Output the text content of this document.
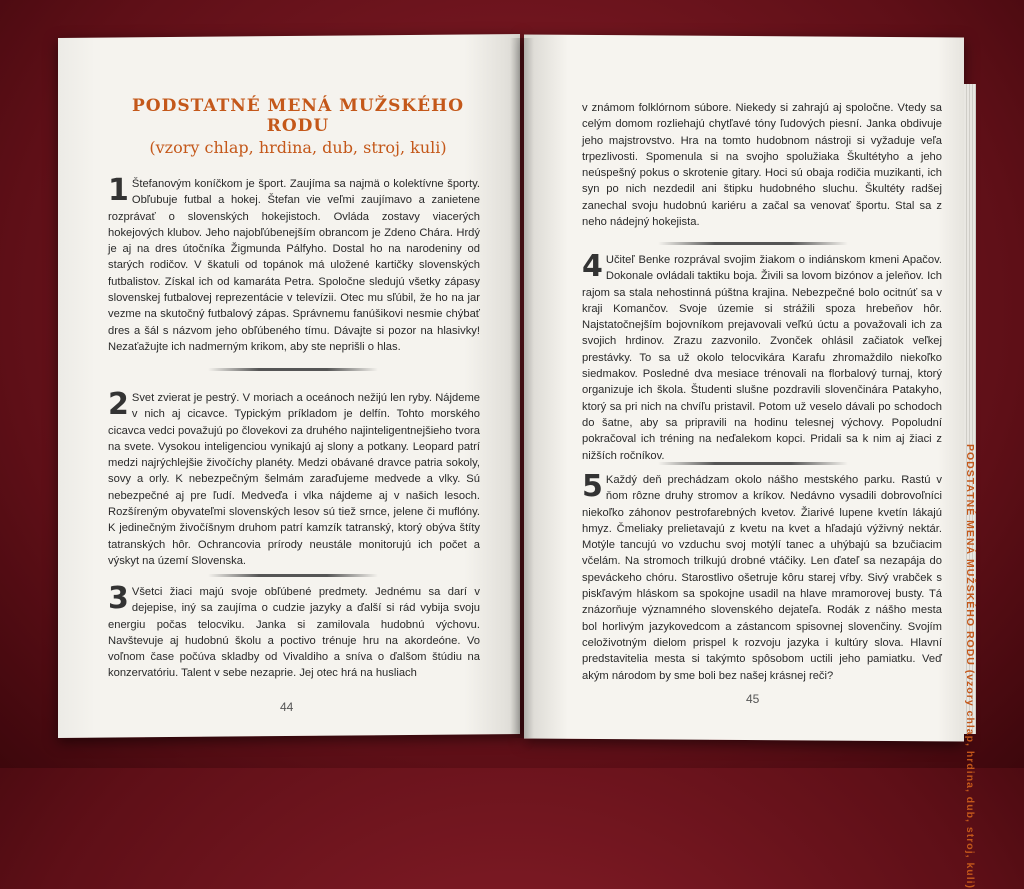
PODSTATNÉ MENÁ MUŽSKÉHO RODU
(vzory chlap, hrdina, dub, stroj, kuli)
1 Štefanovým koníčkom je šport. Zaujíma sa najmä o kolektívne športy. Obľubuje futbal a hokej. Štefan vie veľmi zaujímavo a zanietene rozprávať o slovenských hokejistoch. Ovláda zostavy viacerých hokejových klubov. Jeho najobľúbenejším obrancom je Zdeno Chára. Hrdý je aj na dres útočníka Žigmunda Pálfyho. Dostal ho na narodeniny od starých rodičov. V škatuli od topánok má uložené kartičky slovenských futbalistov. Získal ich od kamaráta Petra. Spoločne sledujú všetky zápasy slovenskej futbalovej reprezentácie v televízii. Otec mu sľúbil, že ho na jar vezme na skutočný futbalový zápas. Správnemu fanúšikovi nesmie chýbať dres a šál s názvom jeho obľúbeného tímu. Dávajte si pozor na hlasivky! Nezaťažujte ich nadmerným krikom, aby ste neprišli o hlas.
2 Svet zvierat je pestrý. V moriach a oceánoch nežijú len ryby. Nájdeme v nich aj cicavce. Typickým príkladom je delfín. Tohto morského cicavca vedci považujú po človekovi za druhého najinteligentnejšieho tvora na svete. Vysokou inteligenciou vynikajú aj slony a potkany. Leopard patrí medzi najrýchlejšie živočíchy planéty. Medzi obávané dravce patria sokoly, sovy a orly. K nebezpečným šelmám zaraďujeme medvede a vlky. Sú nebezpečné aj pre ľudí. Medveďa i vlka nájdeme aj v našich lesoch. Rozšíreným obyvateľmi slovenských lesov sú tiež srnce, jelene či muflóny. K jedinečným živočíšnym druhom patrí kamzík tatranský, ktorý obýva štíty tatranských hôr. Ochrancovia prírody neustále monitorujú ich počet a výskyt na území Slovenska.
3 Všetci žiaci majú svoje obľúbené predmety. Jednému sa darí v dejepise, iný sa zaujíma o cudzie jazyky a ďalší si rád vybija svoju energiu počas telocviku. Janka si zamilovala hudobnú výchovu. Navštevuje aj hudobnú školu a poctivo trénuje hru na akordeóne. Vo voľnom čase počúva skladby od Vivaldiho a sníva o ďalšom štúdiu na konzervatóriu. Talent v sebe nezaprie. Jej otec hrá na husliach
44
v známom folklórnom súbore. Niekedy si zahrajú aj spoločne. Vtedy sa celým domom rozliehajú chytľavé tóny ľudových piesní. Janka obdivuje jeho majstrovstvo. Hra na tomto hudobnom nástroji si vyžaduje veľa trpezlivosti. Spomenula si na svojho spolužiaka Škultétyho a jeho neúspešný pokus o skrotenie gitary. Hoci sú obaja rodičia muzikanti, ich syn po nich nezdedil ani štipku hudobného sluchu. Škultéty radšej zanechal svoju hudobnú kariéru a začal sa venovať športu. Stal sa z neho nádejný hokejista.
4 Učiteľ Benke rozprával svojim žiakom o indiánskom kmeni Apačov. Dokonale ovládali taktiku boja. Živili sa lovom bizónov a jeleňov. Ich rajom sa stala nehostinná púštna krajina. Nebezpečné bolo ocitnúť sa v kraji Komančov. Svoje územie si strážili spoza hrebeňov hôr. Najstatočnejším bojovníkom prejavovali veľkú úctu a považovali ich za svojich hrdinov. Zrazu zazvonilo. Zvonček ohlásil začiatok veľkej prestávky. To sa už okolo telocvikára Karafu zhromaždilo niekoľko siedmakov. Posledné dva mesiace trénovali na florbalový turnaj, ktorý organizuje ich škola. Študenti slušne pozdravili slovenčinára Patakyho, ktorý sa pri nich na chvíľu pristavil. Potom už veselo dávali po schodoch do šatne, aby sa pripravili na hodinu telesnej výchovy. Popoludní pokračoval ich tréning na neďalekom kopci. Pridali sa k nim aj žiaci z nižších ročníkov.
5 Každý deň prechádzam okolo nášho mestského parku. Rastú v ňom rôzne druhy stromov a kríkov. Nedávno vysadili dobrovoľníci niekoľko záhonov pestrofarebných kvetov. Žiarivé lupene kvetín lákajú hmyz. Čmeliaky prelietavajú z kvetu na kvet a hľadajú výživný nektár. Motýle tancujú vo vzduchu svoj motýlí tanec a uhýbajú sa bzučiacim včelám. Na stromoch trilkujú drobné vtáčiky. Len ďateľ sa nezapája do speváckeho chóru. Starostlivo ošetruje kôru starej vŕby. Sivý vrabček s piskľavým hláskom sa spokojne usadil na hlave mramorovej busty. Tá znázorňuje významného slovenského dejateľa. Rodák z nášho mesta bol horlivým jazykovedcom a zástancom spisovnej slovenčiny. Svojím celoživotným dielom prispel k rozvoju jazyka i kultúry slova. Hlavní predstavitelia mesta si takýmto spôsobom uctili jeho pamiatku. Veď akým národom by sme boli bez našej krásnej reči?
45	PODSTATNÉ MENÁ MUŽSKÉHO RODU (vzory chlap, hrdina, dub, stroj, kuli)
